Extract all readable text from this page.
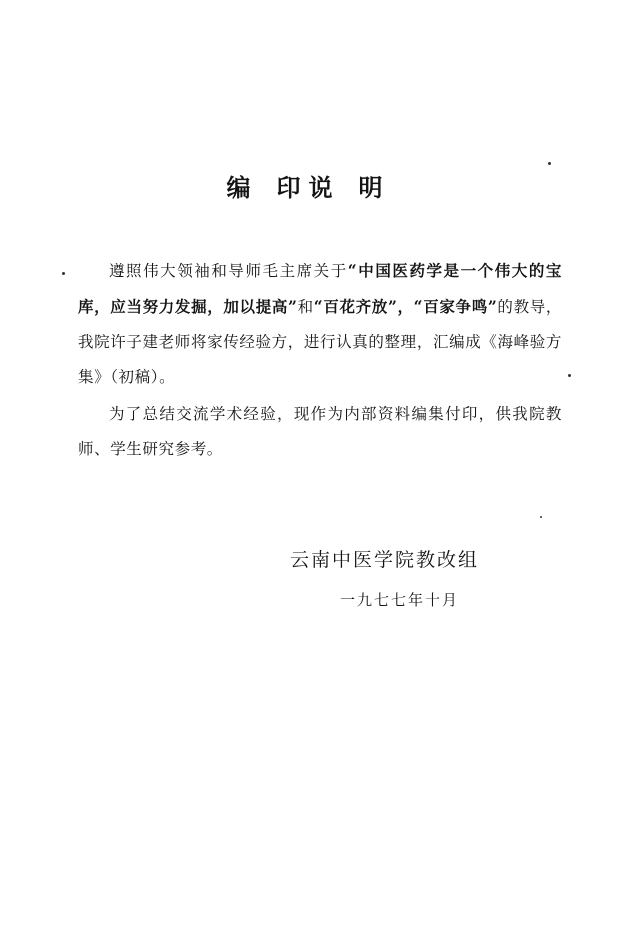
编 印说 明

遵照伟大领袖和导师毛主席关于“中国医药学是一个伟大的宝库，应当努力发掘，加以提高”和“百花齐放”，“百家争鸣”的教导，我院许子建老师将家传经验方，进行认真的整理，汇编成《海峰验方集》（初稿）。

为了总结交流学术经验，现作为内部资料编集付印，供我院教师、学生研究参考。

云南中医学院教改组
一九七七年十月
